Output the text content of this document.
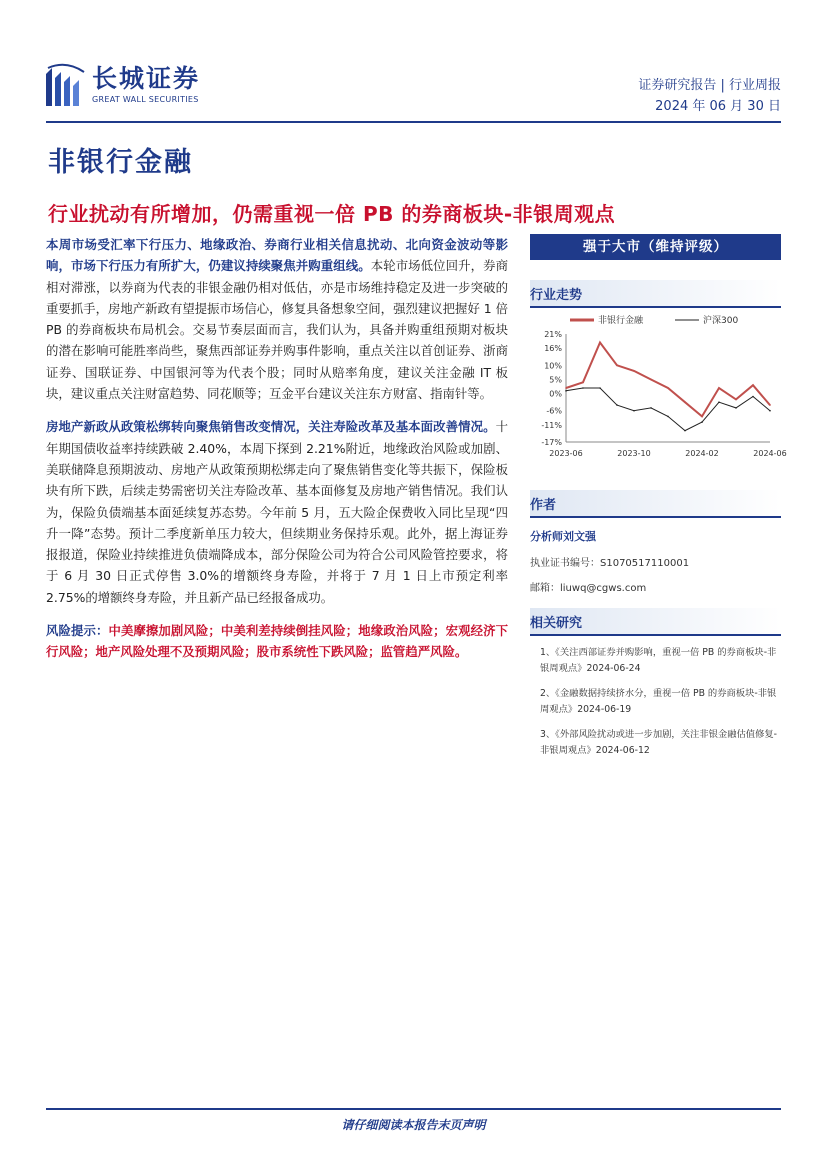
长城证券
GREAT WALL SECURITIES
证券研究报告 | 行业周报
2024 年 06 月 30 日
非银行金融
行业扰动有所增加，仍需重视一倍 PB 的券商板块-非银周观点

本周市场受汇率下行压力、地缘政治、券商行业相关信息扰动、北向资金波动等影响，市场下行压力有所扩大，仍建议持续聚焦并购重组线。本轮市场低位回升，券商相对滞涨，以券商为代表的非银金融仍相对低估，亦是市场维持稳定及进一步突破的重要抓手，房地产新政有望提振市场信心，修复具备想象空间，强烈建议把握好 1 倍 PB 的券商板块布局机会。交易节奏层面而言，我们认为，具备并购重组预期对板块的潜在影响可能胜率尚些，聚焦西部证券并购事件影响，重点关注以首创证券、浙商证券、国联证券、中国银河等为代表个股；同时从赔率角度，建议关注金融 IT 板块，建议重点关注财富趋势、同花顺等；互金平台建议关注东方财富、指南针等。

房地产新政从政策松绑转向聚焦销售改变情况，关注寿险改革及基本面改善情况。十年期国债收益率持续跌破 2.40%，本周下探到 2.21%附近，地缘政治风险或加剧、美联储降息预期波动、房地产从政策预期松绑走向了聚焦销售变化等共振下，保险板块有所下跌，后续走势需密切关注寿险改革、基本面修复及房地产销售情况。我们认为，保险负债端基本面延续复苏态势。今年前 5 月，五大险企保费收入同比呈现“四升一降”态势。预计二季度新单压力较大，但续期业务保持乐观。此外，据上海证券报报道，保险业持续推进负债端降成本，部分保险公司为符合公司风险管控要求，将于 6 月 30 日正式停售 3.0%的增额终身寿险，并将于 7 月 1 日上市预定利率 2.75%的增额终身寿险，并且新产品已经报备成功。

风险提示：中美摩擦加剧风险；中美利差持续倒挂风险；地缘政治风险；宏观经济下行风险；地产风险处理不及预期风险；股市系统性下跌风险；监管趋严风险。

强于大市（维持评级）
行业走势
21%
16%
10%
5%
0%
-6%
-11%
-17%
2023-06	2023-10	2024-02	2024-06
非银行金融	沪深300
作者
分析师刘文强
执业证书编号：S1070517110001
邮箱：liuwq@cgws.com
相关研究
1、《关注西部证券并购影响，重视一倍 PB 的券商板块-非银周观点》2024-06-24
2、《金融数据持续挤水分，重视一倍 PB 的券商板块-非银周观点》2024-06-19
3、《外部风险扰动或进一步加剧，关注非银金融估值修复-非银周观点》2024-06-12
请仔细阅读本报告末页声明
